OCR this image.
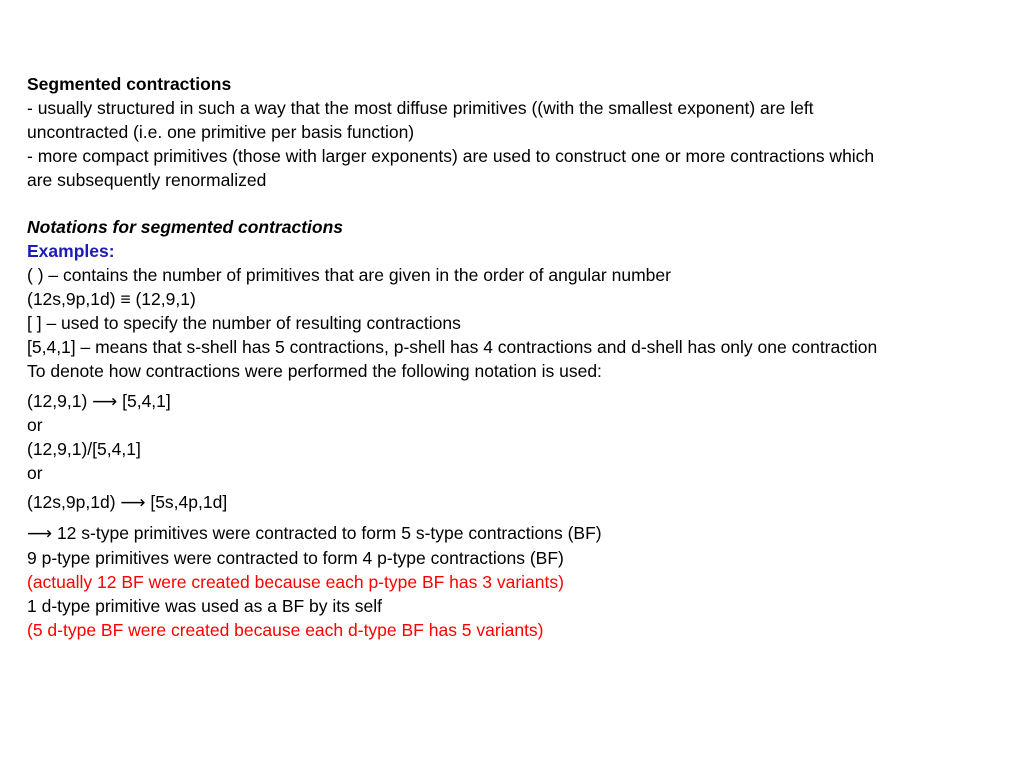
Segmented contractions
- usually structured in such a way that the most diffuse primitives ((with the smallest exponent) are left
uncontracted (i.e. one primitive per basis function)
- more compact primitives (those with larger exponents) are used to construct one or more contractions which
are subsequently renormalized
Notations for segmented contractions
Examples:
( ) – contains the number of primitives that are given in the order of angular number
(12s,9p,1d) ≡ (12,9,1)
[ ] – used to specify the number of resulting contractions
[5,4,1] – means that s-shell has 5 contractions, p-shell has 4 contractions and d-shell has only one contraction
To denote how contractions were performed the following notation is used:
(12,9,1) ⟶ [5,4,1]
or
(12,9,1)/[5,4,1]
or
(12s,9p,1d) ⟶ [5s,4p,1d]
⟶ 12 s-type primitives were contracted to form 5 s-type contractions (BF)
9 p-type primitives were contracted to form 4 p-type contractions (BF)
(actually 12 BF were created because each p-type BF has 3 variants)
1 d-type primitive was used as a BF by its self
(5 d-type BF were created because each d-type BF has 5 variants)
